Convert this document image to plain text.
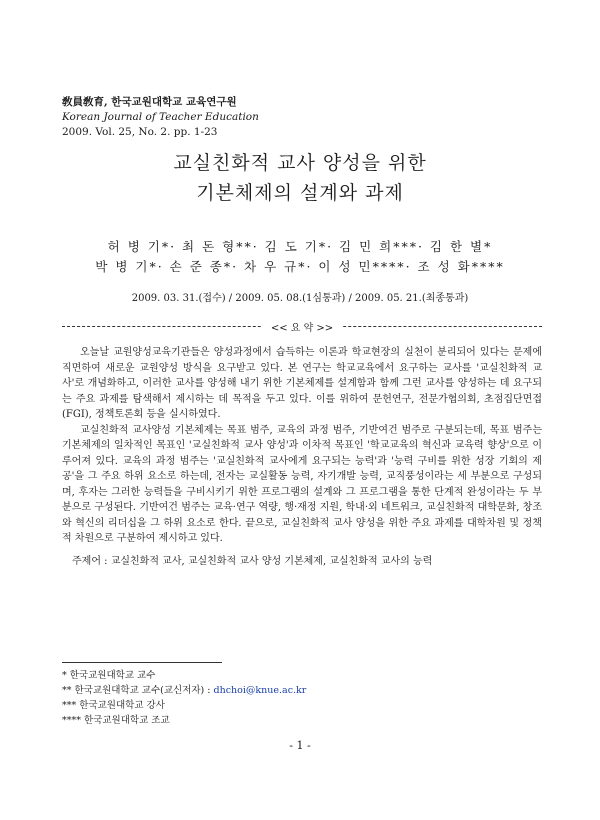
敎員敎育, 한국교원대학교 교육연구원
Korean Journal of Teacher Education
2009. Vol. 25, No. 2. pp. 1-23
교실친화적 교사 양성을 위한
기본체제의 설계와 과제
허 병 기*· 최 돈 형**· 김 도 기*· 김 민 희***· 김 한 별*
박 병 기*· 손 준 종*· 차 우 규*· 이 성 민****· 조 성 화****
2009. 03. 31.(접수) / 2009. 05. 08.(1심통과) / 2009. 05. 21.(최종통과)
<< 요 약 >>

오늘날 교원양성교육기관들은 양성과정에서 습득하는 이론과 학교현장의 실천이 분리되어 있다는 문제에 직면하여 새로운 교원양성 방식을 요구받고 있다. 본 연구는 학교교육에서 요구하는 교사를 '교실친화적 교사'로 개념화하고, 이러한 교사를 양성해 내기 위한 기본체제를 설계함과 함께 그런 교사를 양성하는 데 요구되는 주요 과제를 탐색해서 제시하는 데 목적을 두고 있다. 이를 위하여 문헌연구, 전문가협의회, 초점집단면접(FGI), 정책토론회 등을 실시하였다.

교실친화적 교사양성 기본체제는 목표 범주, 교육의 과정 범주, 기반여건 범주로 구분되는데, 목표 범주는 기본체제의 일차적인 목표인 '교실친화적 교사 양성'과 이차적 목표인 '학교교육의 혁신과 교육력 향상'으로 이루어져 있다. 교육의 과정 범주는 '교실친화적 교사에게 요구되는 능력'과 '능력 구비를 위한 성장 기회의 제공'을 그 주요 하위 요소로 하는데, 전자는 교실활동 능력, 자기개발 능력, 교직풍성이라는 세 부분으로 구성되며, 후자는 그러한 능력들을 구비시키기 위한 프로그램의 설계와 그 프로그램을 통한 단계적 완성이라는 두 부분으로 구성된다. 기반여건 범주는 교육·연구 역량, 행·재정 지원, 학내·외 네트워크, 교실친화적 대학문화, 창조와 혁신의 리더십을 그 하위 요소로 한다. 끝으로, 교실친화적 교사 양성을 위한 주요 과제를 대학차원 및 정책적 차원으로 구분하여 제시하고 있다.

주제어 : 교실친화적 교사, 교실친화적 교사 양성 기본체제, 교실친화적 교사의 능력

* 한국교원대학교 교수
** 한국교원대학교 교수(교신저자) : dhchoi@knue.ac.kr
*** 한국교원대학교 강사
**** 한국교원대학교 조교
- 1 -
